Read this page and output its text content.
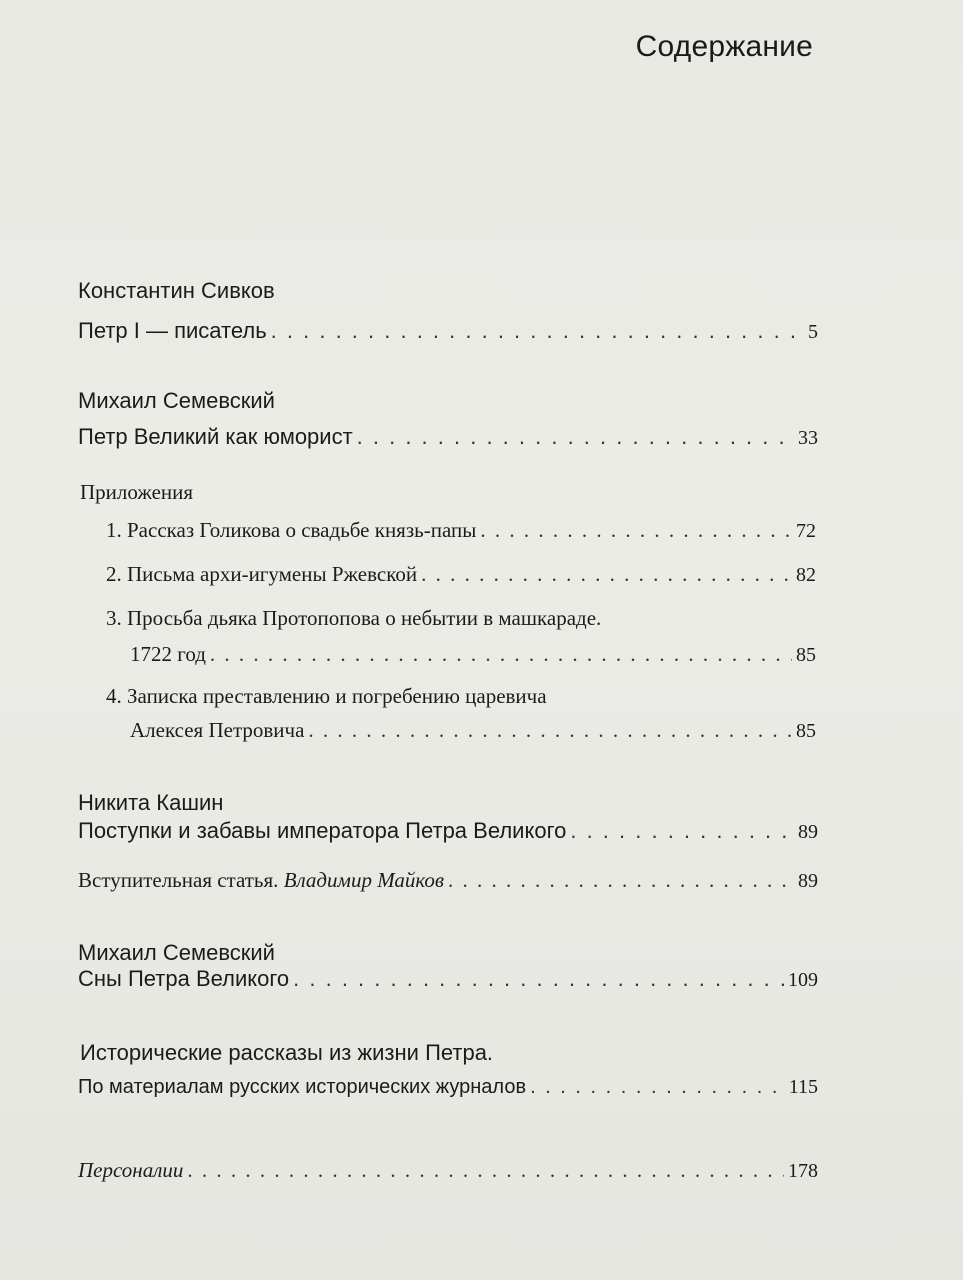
Содержание
Константин Сивков
Петр I — писатель . . .	5
Михаил Семевский
Петр Великий как юморист . . .	33
Приложения
1. Рассказ Голикова о свадьбе князь-папы . . .	72
2. Письма архи-игумены Ржевской . . .	82
3. Просьба дьяка Протопопова о небытии в машкараде.
1722 год . . .	85
4. Записка преставлению и погребению царевича
Алексея Петровича . . .	85
Никита Кашин
Поступки и забавы императора Петра Великого . . .	89
Вступительная статья. Владимир Майков . . .	89
Михаил Семевский
Сны Петра Великого . . .	109
Исторические рассказы из жизни Петра.
По материалам русских исторических журналов . . .	115
Персоналии . . .	178
